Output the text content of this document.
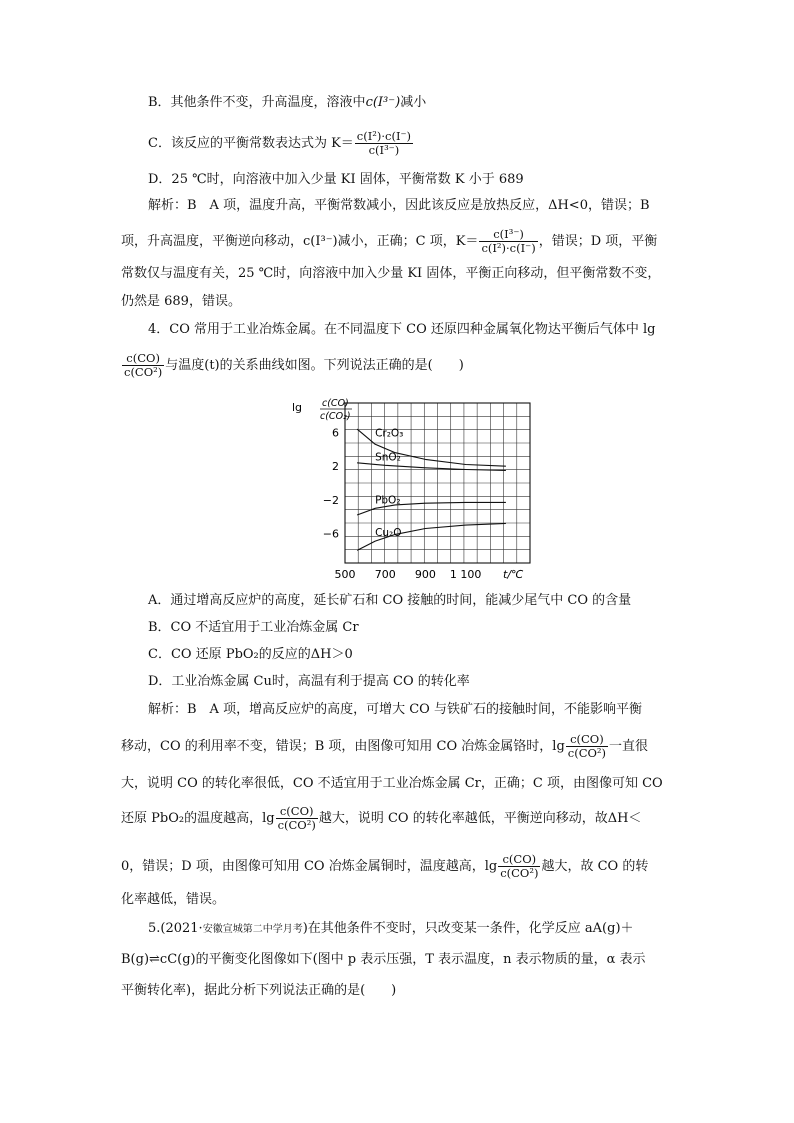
B．其他条件不变，升高温度，溶液中c(I³⁻)减小
C．该反应的平衡常数表达式为 $K= \frac{\text{c(I²)·c(I⁻)}}{\text{c(I³⁻)}}$
D．25 ℃时，向溶液中加入少量 KI 固体，平衡常数 K 小于 689
解析：B　A 项，温度升高，平衡常数减小，因此该反应是放热反应，ΔH<0，错误；B
项，升高温度，平衡逆向移动，c(I³⁻)减小，正确；C 项，$K= \frac{\text{c(I³⁻)}}{\text{c(I²)·c(I⁻)}}$ ，错误；D 项，平衡
常数仅与温度有关，25 ℃时，向溶液中加入少量 KI 固体，平衡正向移动，但平衡常数不变，
仍然是 689，错误。
4．CO 常用于工业冶炼金属。在不同温度下 CO 还原四种金属氧化物达平衡后气体中 lg
$\frac{c(CO)}{\text{c(CO²)}}$ 与温度(t)的关系曲线如图。下列说法正确的是(　　)
6
2
−2
−6
500 700 900 1 100
Cr₂O₃
SnO₂
PbO₂
Cu₂O
lg c(CO)
c(CO₂)
t/℃
A．通过增高反应炉的高度，延长矿石和 CO 接触的时间，能减少尾气中 CO 的含量
B．CO 不适宜用于工业冶炼金属 Cr
C．CO 还原 PbO₂的反应的ΔH＞0
D．工业冶炼金属 Cu时，高温有利于提高 CO 的转化率
解析：B　A 项，增高反应炉的高度，可增大 CO 与铁矿石的接触时间，不能影响平衡
移动，CO 的利用率不变，错误；B 项，由图像可知用 CO 冶炼金属铬时，$\lg \frac{c(CO)}{\text{c(CO²)}}$ 一直很
大，说明 CO 的转化率很低，CO 不适宜用于工业冶炼金属 Cr，正确；C 项，由图像可知 CO
还原 PbO₂的温度越高，$\lg \frac{c(CO)}{\text{c(CO²)}}$ 越大，说明 CO 的转化率越低，平衡逆向移动，故ΔH＜
0，错误；D 项，由图像可知用 CO 冶炼金属铜时，温度越高，$\lg \frac{c(CO)}{\text{c(CO²)}}$ 越大，故 CO 的转
化率越低，错误。
5.(2021·安徽宣城第二中学月考)在其他条件不变时，只改变某一条件，化学反应 aA(g)＋
B(g)⇌cC(g)的平衡变化图像如下(图中 p 表示压强，T 表示温度，n 表示物质的量，α 表示
平衡转化率)，据此分析下列说法正确的是(　　)
